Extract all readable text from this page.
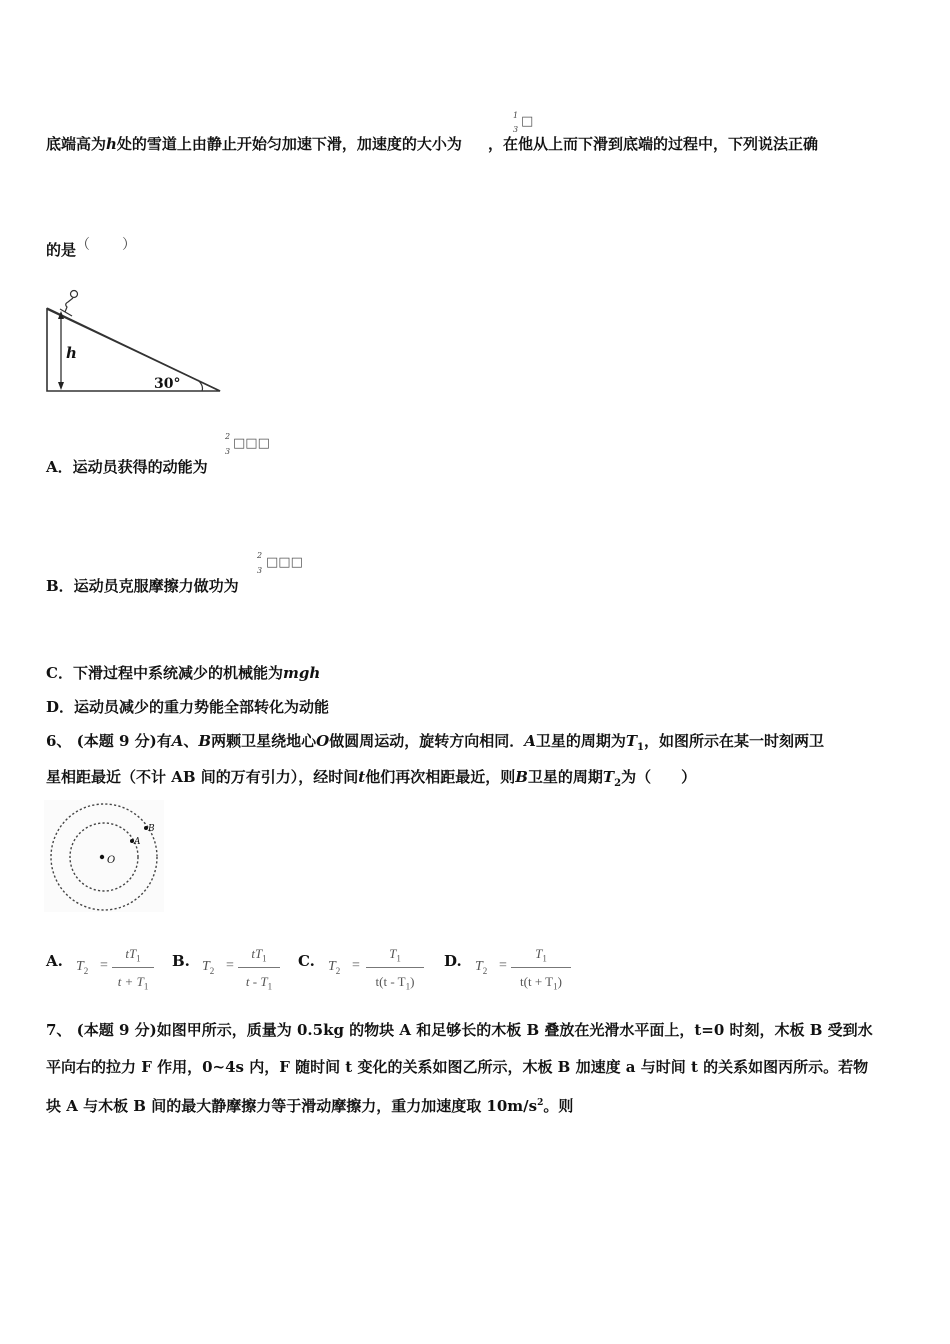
底端高为h处的雪道上由静止开始匀加速下滑，加速度的大小为 ，在他从上而下滑到底端的过程中，下列说法正确
1
3
□
的是 （ ）
h
30°
A．运动员获得的动能为
2
3
□□□
B．运动员克服摩擦力做功为
2
3
□□□
C．下滑过程中系统减少的机械能为mgh
D．运动员减少的重力势能全部转化为动能
6、 (本题 9 分)有A、B两颗卫星绕地心O做圆周运动，旋转方向相同．A卫星的周期为$T_1$，如图所示在某一时刻两卫
星相距最近（不计 AB 间的万有引力），经时间t他们再次相距最近，则B卫星的周期$T_2$为（　　）
O
A
B
A. $T_2$ =
$tT_1$
$t + T_1$
B. $T_2$ =
$tT_1$
t - $T_1$
C. $T_2$ =
$T_1$
$t(t - T_1)$
D. $T_2$ =
$T_1$
$t(t + T_1)$
7、 (本题 9 分)如图甲所示，质量为 0.5kg 的物块 A 和足够长的木板 B 叠放在光滑水平面上，t=0 时刻，木板 B 受到水
平向右的拉力 F 作用，0~4s 内，F 随时间 t 变化的关系如图乙所示，木板 B 加速度 a 与时间 t 的关系如图丙所示。若物
块 A 与木板 B 间的最大静摩擦力等于滑动摩擦力，重力加速度取 $10m/s^2$。则
